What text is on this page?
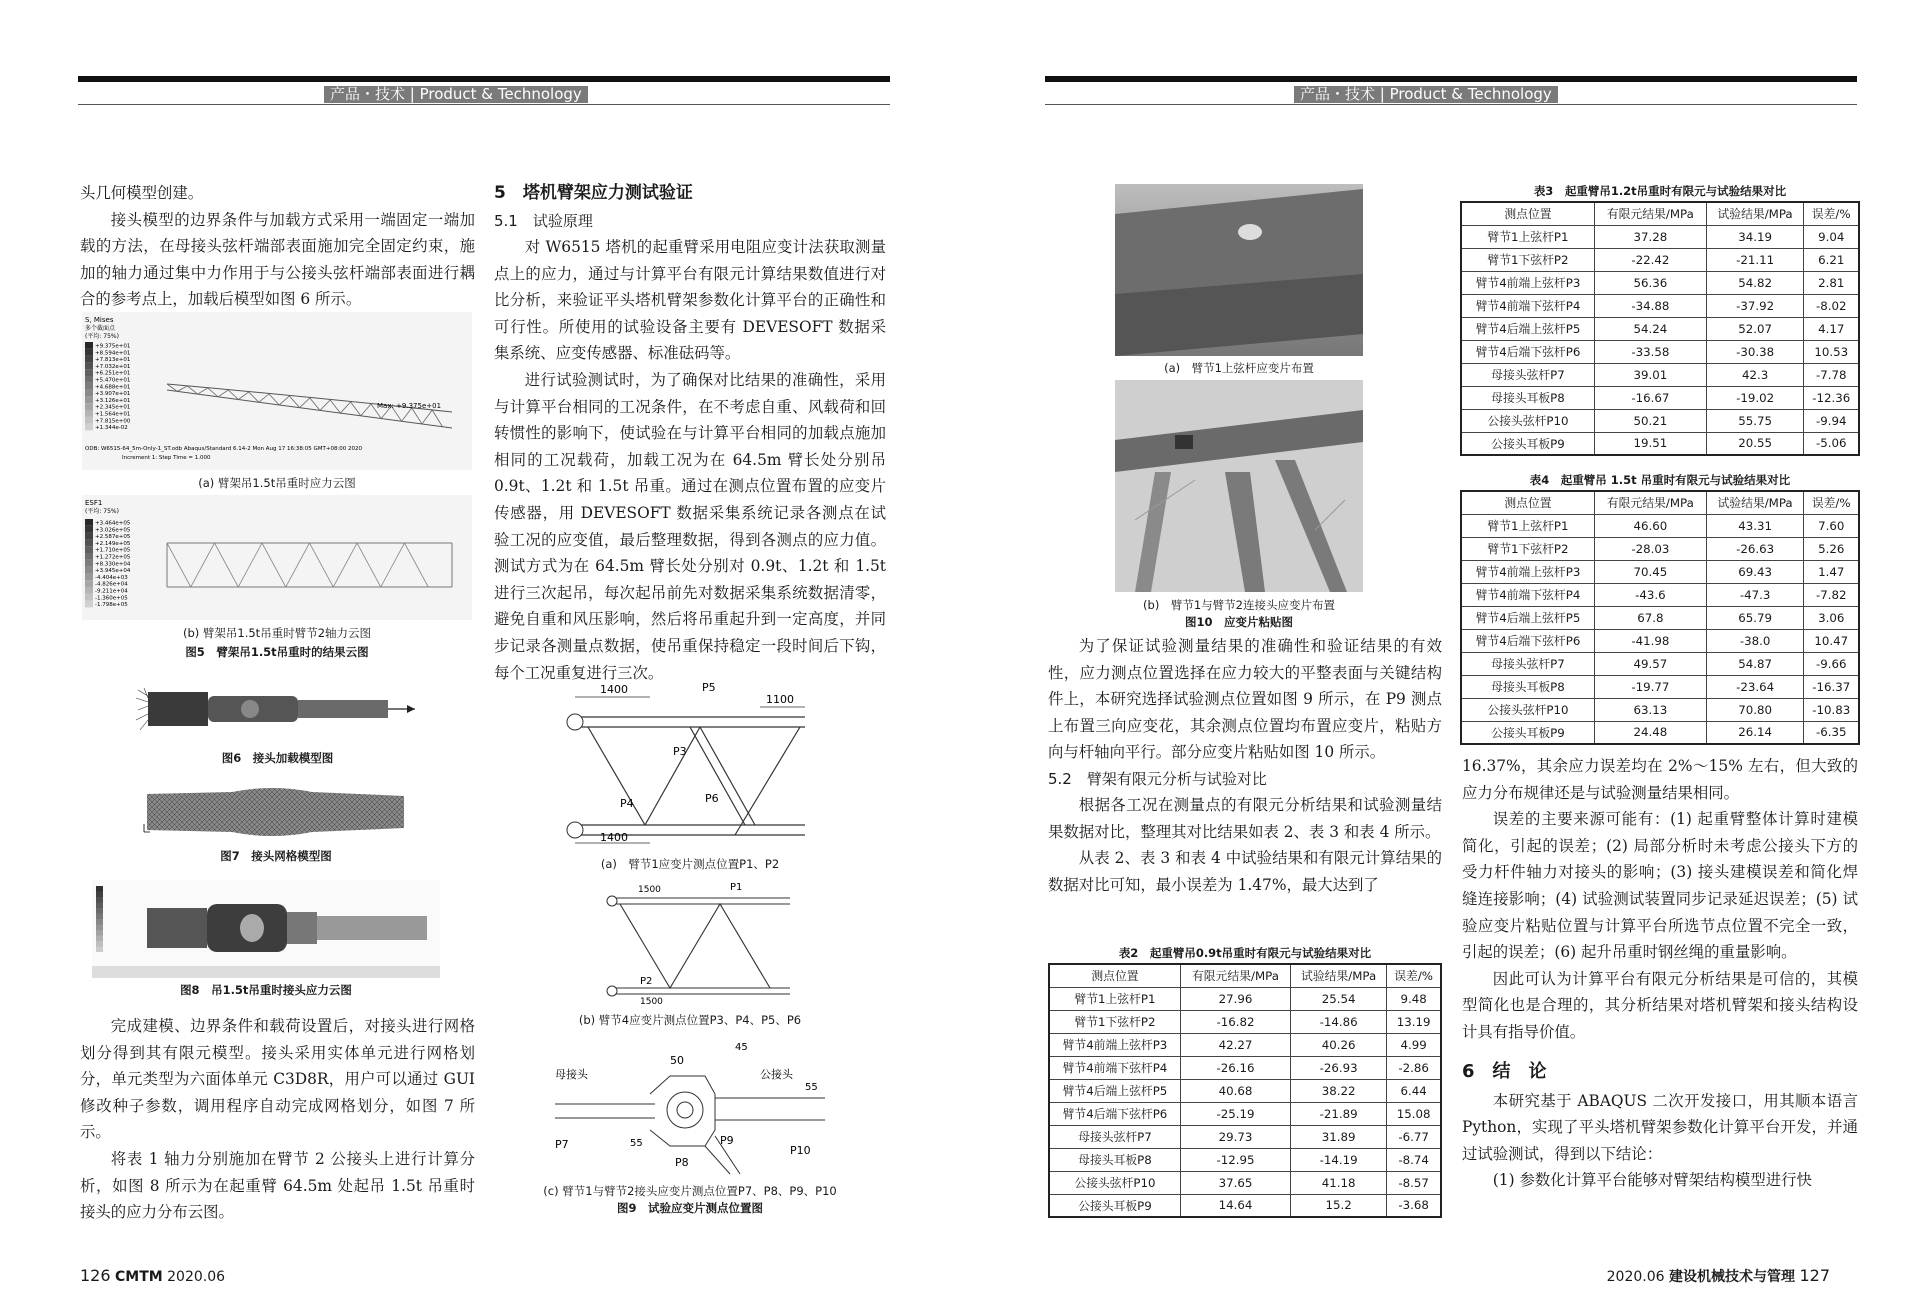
产品・技术 | Product & Technology

头几何模型创建。

接头模型的边界条件与加载方式采用一端固定一端加载的方法，在母接头弦杆端部表面施加完全固定约束，施加的轴力通过集中力作用于与公接头弦杆端部表面进行耦合的参考点上，加载后模型如图 6 所示。

S, Mises
多个截面点
(平均: 75%)
+9.375e+01
+8.594e+01
+7.813e+01
+7.032e+01
+6.251e+01
+5.470e+01
+4.688e+01
+3.907e+01
+3.126e+01
+2.345e+01
+1.564e+01
+7.815e+00
+1.344e-02
Max: +9.375e+01
ODB: W6515-64_5m-Only-1_ST.odb Abaqus/Standard 6.14-2 Mon Aug 17 16:38:05 GMT+08:00 2020
Increment 1: Step Time = 1.000
(a) 臂架吊1.5t吊重时应力云图
ESF1
(平均: 75%)
+3.464e+05
+3.026e+05
+2.587e+05
+2.149e+05
+1.710e+05
+1.272e+05
+8.330e+04
+3.945e+04
-4.404e+03
-4.826e+04
-9.211e+04
-1.360e+05
-1.798e+05
(b) 臂架吊1.5t吊重时臂节2轴力云图
图5　臂架吊1.5t吊重时的结果云图
图6　接头加载模型图
图7　接头网格模型图
图8　吊1.5t吊重时接头应力云图

完成建模、边界条件和载荷设置后，对接头进行网格划分得到其有限元模型。接头采用实体单元进行网格划分，单元类型为六面体单元 C3D8R，用户可以通过 GUI 修改种子参数，调用程序自动完成网格划分，如图 7 所示。

将表 1 轴力分别施加在臂节 2 公接头上进行计算分析，如图 8 所示为在起重臂 64.5m 处起吊 1.5t 吊重时接头的应力分布云图。

5　塔机臂架应力测试验证
5.1　试验原理

对 W6515 塔机的起重臂采用电阻应变计法获取测量点上的应力，通过与计算平台有限元计算结果数值进行对比分析，来验证平头塔机臂架参数化计算平台的正确性和可行性。所使用的试验设备主要有 DEVESOFT 数据采集系统、应变传感器、标准砝码等。

进行试验测试时，为了确保对比结果的准确性，采用与计算平台相同的工况条件，在不考虑自重、风载荷和回转惯性的影响下，使试验在与计算平台相同的加载点施加相同的工况载荷，加载工况为在 64.5m 臂长处分别吊 0.9t、1.2t 和 1.5t 吊重。通过在测点位置布置的应变片传感器，用 DEVESOFT 数据采集系统记录各测点在试验工况的应变值，最后整理数据，得到各测点的应力值。测试方式为在 64.5m 臂长处分别对 0.9t、1.2t 和 1.5t 进行三次起吊，每次起吊前先对数据采集系统数据清零，避免自重和风压影响，然后将吊重起升到一定高度，并同步记录各测量点数据，使吊重保持稳定一段时间后下钩，每个工况重复进行三次。

1400
1100
P5
P3
P4	P6
1400
(a)　臂节1应变片测点位置P1、P2
1500	P1
P2
1500
(b) 臂节4应变片测点位置P3、P4、P5、P6
母接头	公接头
50
45
55
55
P7
P8
P9
P10
(c) 臂节1与臂节2接头应变片测点位置P7、P8、P9、P10
图9　试验应变片测点位置图
126 CMTM 2020.06
产品・技术 | Product & Technology
(a)　臂节1上弦杆应变片布置
(b)　臂节1与臂节2连接头应变片布置
图10　应变片粘贴图

为了保证试验测量结果的准确性和验证结果的有效性，应力测点位置选择在应力较大的平整表面与关键结构件上，本研究选择试验测点位置如图 9 所示，在 P9 测点上布置三向应变花，其余测点位置均布置应变片，粘贴方向与杆轴向平行。部分应变片粘贴如图 10 所示。

5.2　臂架有限元分析与试验对比

根据各工况在测量点的有限元分析结果和试验测量结果数据对比，整理其对比结果如表 2、表 3 和表 4 所示。

从表 2、表 3 和表 4 中试验结果和有限元计算结果的数据对比可知，最小误差为 1.47%，最大达到了

表2　起重臂吊0.9t吊重时有限元与试验结果对比
测点位置	有限元结果/MPa	试验结果/MPa	误差/%
臂节1上弦杆P1	27.96	25.54	9.48
臂节1下弦杆P2	-16.82	-14.86	13.19
臂节4前端上弦杆P3	42.27	40.26	4.99
臂节4前端下弦杆P4	-26.16	-26.93	-2.86
臂节4后端上弦杆P5	40.68	38.22	6.44
臂节4后端下弦杆P6	-25.19	-21.89	15.08
母接头弦杆P7	29.73	31.89	-6.77
母接头耳板P8	-12.95	-14.19	-8.74
公接头弦杆P10	37.65	41.18	-8.57
公接头耳板P9	14.64	15.2	-3.68
表3　起重臂吊1.2t吊重时有限元与试验结果对比
测点位置	有限元结果/MPa	试验结果/MPa	误差/%
臂节1上弦杆P1	37.28	34.19	9.04
臂节1下弦杆P2	-22.42	-21.11	6.21
臂节4前端上弦杆P3	56.36	54.82	2.81
臂节4前端下弦杆P4	-34.88	-37.92	-8.02
臂节4后端上弦杆P5	54.24	52.07	4.17
臂节4后端下弦杆P6	-33.58	-30.38	10.53
母接头弦杆P7	39.01	42.3	-7.78
母接头耳板P8	-16.67	-19.02	-12.36
公接头弦杆P10	50.21	55.75	-9.94
公接头耳板P9	19.51	20.55	-5.06
表4　起重臂吊 1.5t 吊重时有限元与试验结果对比
测点位置	有限元结果/MPa	试验结果/MPa	误差/%
臂节1上弦杆P1	46.60	43.31	7.60
臂节1下弦杆P2	-28.03	-26.63	5.26
臂节4前端上弦杆P3	70.45	69.43	1.47
臂节4前端下弦杆P4	-43.6	-47.3	-7.82
臂节4后端上弦杆P5	67.8	65.79	3.06
臂节4后端下弦杆P6	-41.98	-38.0	10.47
母接头弦杆P7	49.57	54.87	-9.66
母接头耳板P8	-19.77	-23.64	-16.37
公接头弦杆P10	63.13	70.80	-10.83
公接头耳板P9	24.48	26.14	-6.35

16.37%，其余应力误差均在 2%～15% 左右，但大致的应力分布规律还是与试验测量结果相同。

误差的主要来源可能有：(1) 起重臂整体计算时建模简化，引起的误差；(2) 局部分析时未考虑公接头下方的受力杆件轴力对接头的影响；(3) 接头建模误差和简化焊缝连接影响；(4) 试验测试装置同步记录延迟误差；(5) 试验应变片粘贴位置与计算平台所选节点位置不完全一致，引起的误差；(6) 起升吊重时钢丝绳的重量影响。

因此可认为计算平台有限元分析结果是可信的，其模型简化也是合理的，其分析结果对塔机臂架和接头结构设计具有指导价值。

6　结　论

本研究基于 ABAQUS 二次开发接口，用其顺本语言 Python，实现了平头塔机臂架参数化计算平台开发，并通过试验测试，得到以下结论：

(1) 参数化计算平台能够对臂架结构模型进行快

2020.06 建设机械技术与管理 127
